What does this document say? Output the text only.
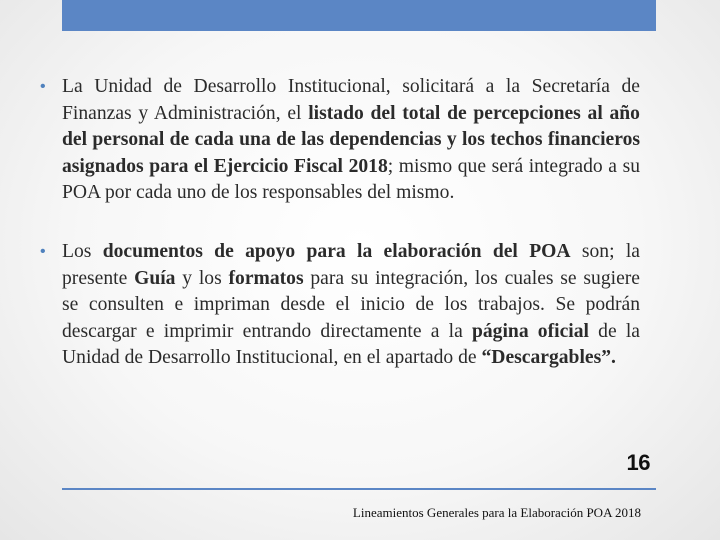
• La Unidad de Desarrollo Institucional, solicitará a la Secretaría de Finanzas y Administración, el listado del total de percepciones al año del personal de cada una de las dependencias y los techos financieros asignados para el Ejercicio Fiscal 2018; mismo que será integrado a su POA por cada uno de los responsables del mismo.

• Los documentos de apoyo para la elaboración del POA son; la presente Guía y los formatos para su integración, los cuales se sugiere se consulten e impriman desde el inicio de los trabajos. Se podrán descargar e imprimir entrando directamente a la página oficial de la Unidad de Desarrollo Institucional, en el apartado de “Descargables”.

16
Lineamientos Generales para la Elaboración POA 2018
